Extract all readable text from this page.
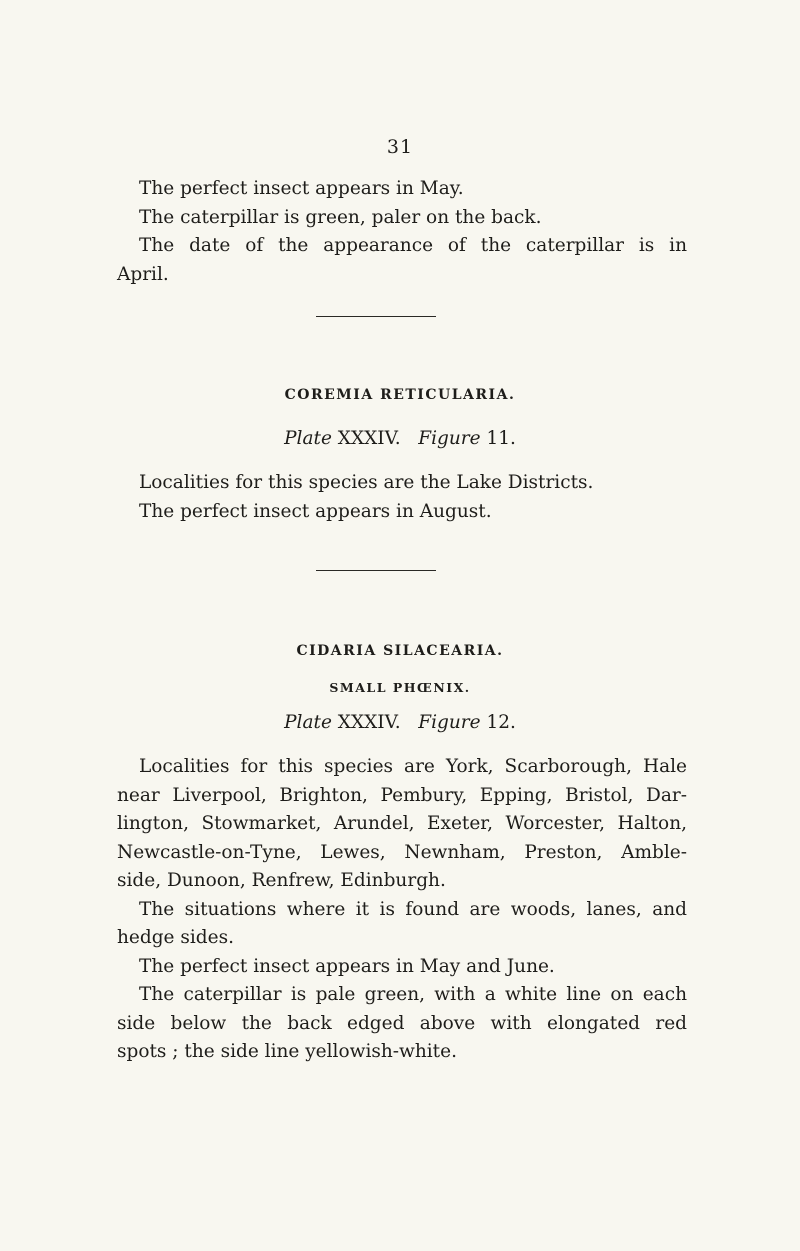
31

The perfect insect appears in May.
The caterpillar is green, paler on the back.
The date of the appearance of the caterpillar is in
April.

COREMIA RETICULARIA.
Plate XXXIV. Figure 11.

Localities for this species are the Lake Districts.
The perfect insect appears in August.

CIDARIA SILACEARIA.
SMALL PHŒNIX.
Plate XXXIV. Figure 12.

Localities for this species are York, Scarborough, Hale
near Liverpool, Brighton, Pembury, Epping, Bristol, Dar-
lington, Stowmarket, Arundel, Exeter, Worcester, Halton,
Newcastle-on-Tyne, Lewes, Newnham, Preston, Amble-
side, Dunoon, Renfrew, Edinburgh.
The situations where it is found are woods, lanes, and
hedge sides.
The perfect insect appears in May and June.
The caterpillar is pale green, with a white line on each
side below the back edged above with elongated red
spots ; the side line yellowish-white.
